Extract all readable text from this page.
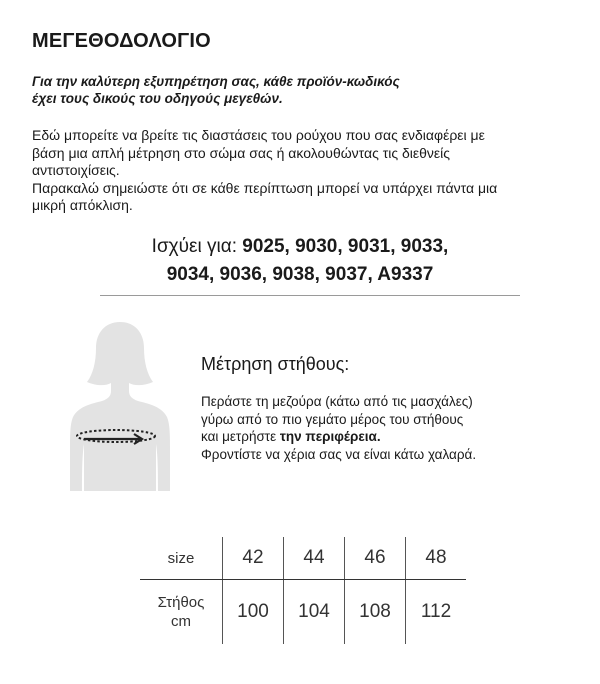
ΜΕΓΕΘΟΔΟΛΟΓΙΟ
Για την καλύτερη εξυπηρέτηση σας, κάθε προϊόν-κωδικός
έχει τους δικούς του οδηγούς μεγεθών.

Εδώ μπορείτε να βρείτε τις διαστάσεις του ρούχου που σας ενδιαφέρει με

βάση μια απλή μέτρηση στο σώμα σας ή ακολουθώντας τις διεθνείς

αντιστοιχίσεις.

Παρακαλώ σημειώστε ότι σε κάθε περίπτωση μπορεί να υπάρχει πάντα μια

μικρή απόκλιση.

Ισχύει για: 9025, 9030, 9031, 9033,
9034, 9036, 9038, 9037, A9337
Μέτρηση στήθους:

Περάστε τη μεζούρα (κάτω από τις μασχάλες)

γύρω από το πιο γεμάτο μέρος του στήθους

και μετρήστε την περιφέρεια.

Φροντίστε να χέρια σας να είναι κάτω χαλαρά.

size	42	44	46	48

Στήθος
cm	100	104	108	112
